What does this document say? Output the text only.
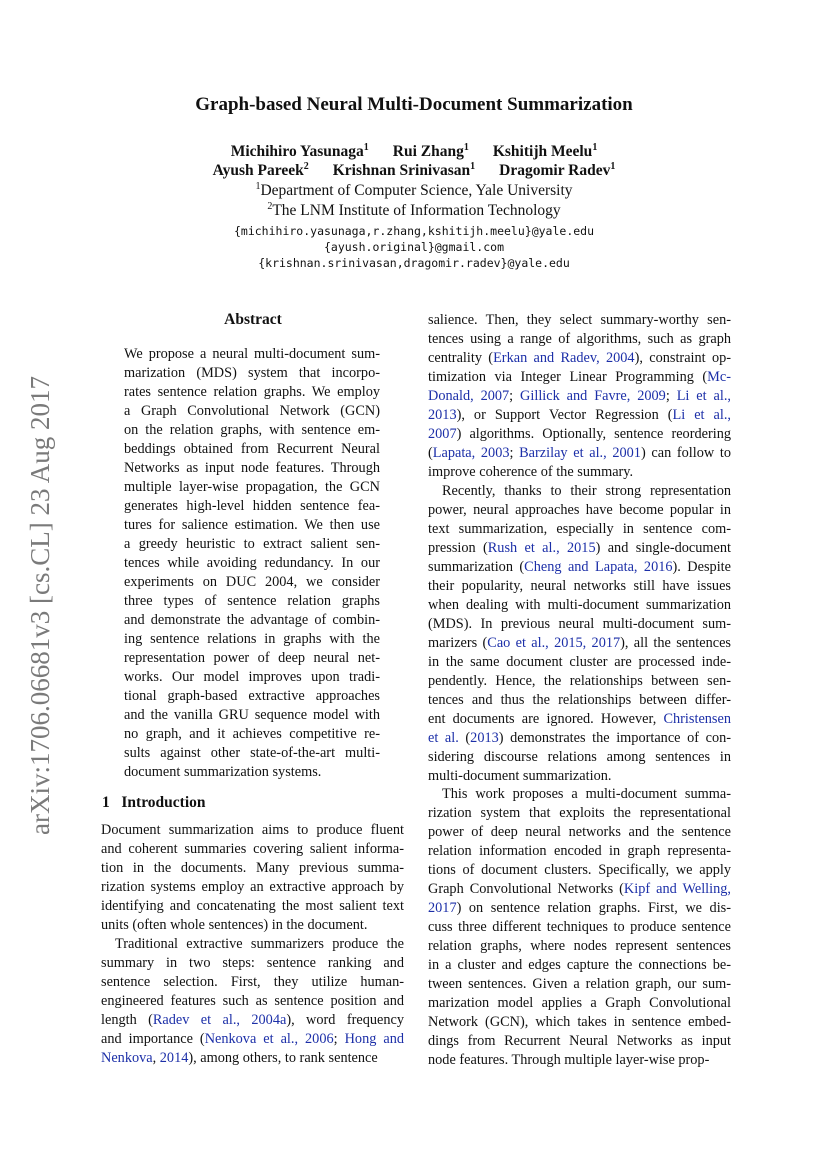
Graph-based Neural Multi-Document Summarization
Michihiro Yasunaga$^1$ Rui Zhang$^1$ Kshitijh Meelu$^1$
Ayush Pareek$^2$ Krishnan Srinivasan$^1$ Dragomir Radev$^1$
$^1$Department of Computer Science, Yale University
$^2$The LNM Institute of Information Technology
{michihiro.yasunaga,r.zhang,kshitijh.meelu}@yale.edu
{ayush.original}@gmail.com
{krishnan.srinivasan,dragomir.radev}@yale.edu
arXiv:1706.06681v3 [cs.CL] 23 Aug 2017
Abstract
We propose a neural multi-document sum-
marization (MDS) system that incorpo-
rates sentence relation graphs. We employ
a Graph Convolutional Network (GCN)
on the relation graphs, with sentence em-
beddings obtained from Recurrent Neural
Networks as input node features. Through
multiple layer-wise propagation, the GCN
generates high-level hidden sentence fea-
tures for salience estimation. We then use
a greedy heuristic to extract salient sen-
tences while avoiding redundancy. In our
experiments on DUC 2004, we consider
three types of sentence relation graphs
and demonstrate the advantage of combin-
ing sentence relations in graphs with the
representation power of deep neural net-
works. Our model improves upon tradi-
tional graph-based extractive approaches
and the vanilla GRU sequence model with
no graph, and it achieves competitive re-
sults against other state-of-the-art multi-
document summarization systems.
1 Introduction
Document summarization aims to produce fluent
and coherent summaries covering salient informa-
tion in the documents. Many previous summa-
rization systems employ an extractive approach by
identifying and concatenating the most salient text
units (often whole sentences) in the document.
Traditional extractive summarizers produce the
summary in two steps: sentence ranking and
sentence selection. First, they utilize human-
engineered features such as sentence position and
length (Radev et al., 2004a), word frequency
and importance (Nenkova et al., 2006; Hong and
Nenkova, 2014), among others, to rank sentence
salience. Then, they select summary-worthy sen-
tences using a range of algorithms, such as graph
centrality (Erkan and Radev, 2004), constraint op-
timization via Integer Linear Programming (Mc-
Donald, 2007; Gillick and Favre, 2009; Li et al.,
2013), or Support Vector Regression (Li et al.,
2007) algorithms. Optionally, sentence reordering
(Lapata, 2003; Barzilay et al., 2001) can follow to
improve coherence of the summary.
Recently, thanks to their strong representation
power, neural approaches have become popular in
text summarization, especially in sentence com-
pression (Rush et al., 2015) and single-document
summarization (Cheng and Lapata, 2016). Despite
their popularity, neural networks still have issues
when dealing with multi-document summarization
(MDS). In previous neural multi-document sum-
marizers (Cao et al., 2015, 2017), all the sentences
in the same document cluster are processed inde-
pendently. Hence, the relationships between sen-
tences and thus the relationships between differ-
ent documents are ignored. However, Christensen
et al. (2013) demonstrates the importance of con-
sidering discourse relations among sentences in
multi-document summarization.
This work proposes a multi-document summa-
rization system that exploits the representational
power of deep neural networks and the sentence
relation information encoded in graph representa-
tions of document clusters. Specifically, we apply
Graph Convolutional Networks (Kipf and Welling,
2017) on sentence relation graphs. First, we dis-
cuss three different techniques to produce sentence
relation graphs, where nodes represent sentences
in a cluster and edges capture the connections be-
tween sentences. Given a relation graph, our sum-
marization model applies a Graph Convolutional
Network (GCN), which takes in sentence embed-
dings from Recurrent Neural Networks as input
node features. Through multiple layer-wise prop-
